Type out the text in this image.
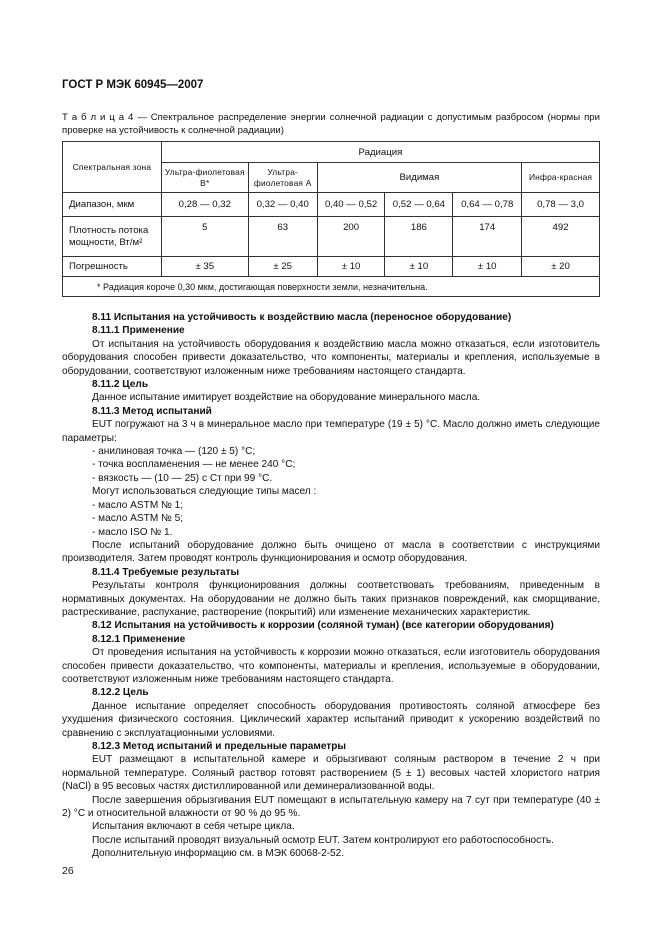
ГОСТ Р МЭК 60945—2007
Т а б л и ц а 4 — Спектральное распределение энергии солнечной радиации с допустимым разбросом (нормы при проверке на устойчивость к солнечной радиации)
Спектральная зона	Радиация					
	Ультра-фиолетовая В*	Ультра-фиолетовая А	Видимая			Инфра-красная
Диапазон, мкм	0,28 — 0,32	0,32 — 0,40	0,40 — 0,52	0,52 — 0,64	0,64 — 0,78	0,78 — 3,0
Плотность потока мощности, Вт/м²	5	63	200	186	174	492
Погрешность	± 35	± 25	± 10	± 10	± 10	± 20
* Радиация короче 0,30 мкм, достигающая поверхности земли, незначительна.						

8.11 Испытания на устойчивость к воздействию масла (переносное оборудование)

8.11.1 Применение

От испытания на устойчивость оборудования к воздействию масла можно отказаться, если изготовитель оборудования способен привести доказательство, что компоненты, материалы и крепления, используемые в оборудовании, соответствуют изложенным ниже требованиям настоящего стандарта.

8.11.2 Цель

Данное испытание имитирует воздействие на оборудование минерального масла.

8.11.3 Метод испытаний

EUT погружают на 3 ч в минеральное масло при температуре (19 ± 5) °С. Масло должно иметь следующие параметры:

- анилиновая точка — (120 ± 5) °С;

- точка воспламенения — не менее 240 °С;

- вязкость — (10 — 25) с Ст при 99 °С.

Могут использоваться следующие типы масел :

- масло ASTM № 1;

- масло ASTM № 5;

- масло ISO № 1.

После испытаний оборудование должно быть очищено от масла в соответствии с инструкциями производителя. Затем проводят контроль функционирования и осмотр оборудования.

8.11.4 Требуемые результаты

Результаты контроля функционирования должны соответствовать требованиям, приведенным в нормативных документах. На оборудовании не должно быть таких признаков повреждений, как сморщивание, растрескивание, распухание, растворение (покрытий) или изменение механических характеристик.

8.12 Испытания на устойчивость к коррозии (соляной туман) (все категории оборудования)

8.12.1 Применение

От проведения испытания на устойчивость к коррозии можно отказаться, если изготовитель оборудования способен привести доказательство, что компоненты, материалы и крепления, используемые в оборудовании, соответствуют изложенным ниже требованиям настоящего стандарта.

8.12.2 Цель

Данное испытание определяет способность оборудования противостоять соляной атмосфере без ухудшения физического состояния. Циклический характер испытаний приводит к ускорению воздействий по сравнению с эксплуатационными условиями.

8.12.3 Метод испытаний и предельные параметры

EUT размещают в испытательной камере и обрызгивают соляным раствором в течение 2 ч при нормальной температуре. Соляный раствор готовят растворением (5 ± 1) весовых частей хлористого натрия (NaCl) в 95 весовых частях дистиллированной или деминерализованной воды.

После завершения обрызгивания EUT помещают в испытательную камеру на 7 сут при температуре (40 ± 2) °С и относительной влажности от 90 % до 95 %.

Испытания включают в себя четыре цикла.

После испытаний проводят визуальный осмотр EUT. Затем контролируют его работоспособность.

Дополнительную информацию см. в МЭК 60068-2-52.

26
